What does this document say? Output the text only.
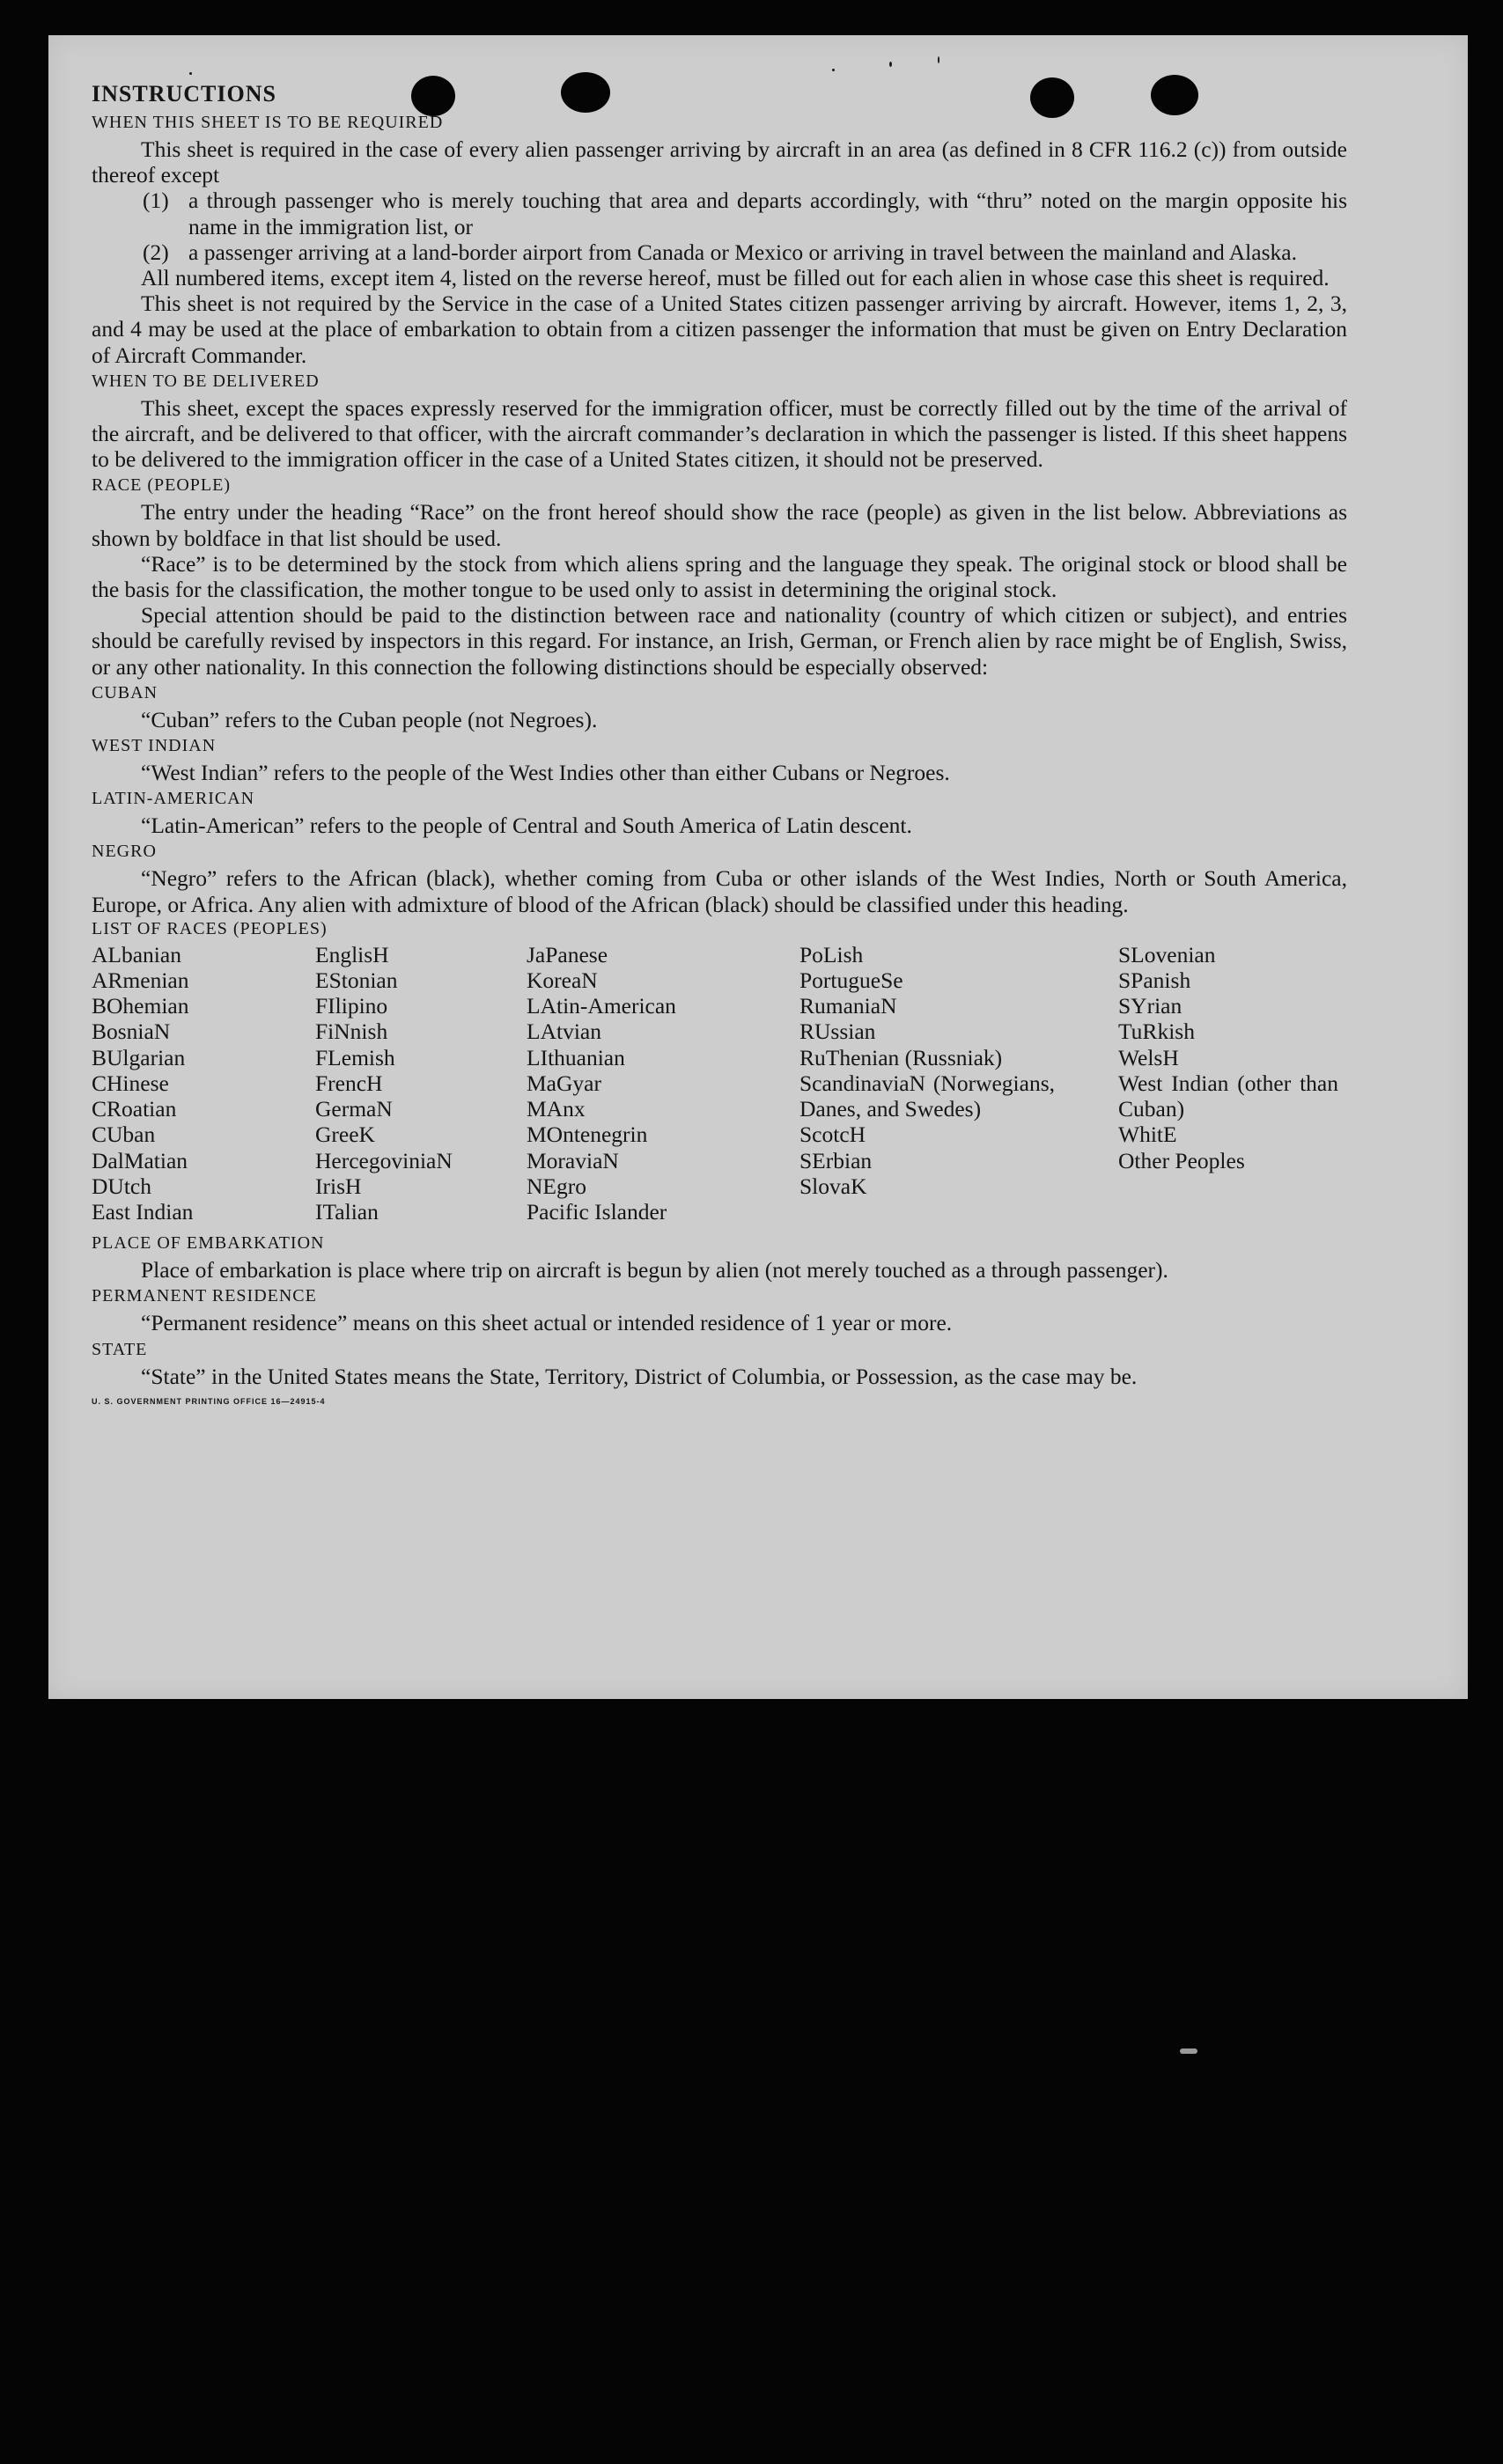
INSTRUCTIONS

WHEN THIS SHEET IS TO BE REQUIRED

This sheet is required in the case of every alien passenger arriving by aircraft in an area (as defined in 8 CFR 116.2 (c)) from outside thereof except

(1) a through passenger who is merely touching that area and departs accordingly, with “thru” noted on the margin opposite his name in the immigration list, or
(2) a passenger arriving at a land-border airport from Canada or Mexico or arriving in travel between the mainland and Alaska.

All numbered items, except item 4, listed on the reverse hereof, must be filled out for each alien in whose case this sheet is required.

This sheet is not required by the Service in the case of a United States citizen passenger arriving by aircraft. However, items 1, 2, 3, and 4 may be used at the place of embarkation to obtain from a citizen passenger the information that must be given on Entry Declaration of Aircraft Commander.

WHEN TO BE DELIVERED

This sheet, except the spaces expressly reserved for the immigration officer, must be correctly filled out by the time of the arrival of the aircraft, and be delivered to that officer, with the aircraft commander’s declaration in which the passenger is listed. If this sheet happens to be delivered to the immigration officer in the case of a United States citizen, it should not be preserved.

RACE (PEOPLE)

The entry under the heading “Race” on the front hereof should show the race (people) as given in the list below. Abbreviations as shown by boldface in that list should be used.

“Race” is to be determined by the stock from which aliens spring and the language they speak. The original stock or blood shall be the basis for the classification, the mother tongue to be used only to assist in determining the original stock.

Special attention should be paid to the distinction between race and nationality (country of which citizen or subject), and entries should be carefully revised by inspectors in this regard. For instance, an Irish, German, or French alien by race might be of English, Swiss, or any other nationality. In this connection the following distinctions should be especially observed:

CUBAN

“Cuban” refers to the Cuban people (not Negroes).

WEST INDIAN

“West Indian” refers to the people of the West Indies other than either Cubans or Negroes.

LATIN-AMERICAN

“Latin-American” refers to the people of Central and South America of Latin descent.

NEGRO

“Negro” refers to the African (black), whether coming from Cuba or other islands of the West Indies, North or South America, Europe, or Africa. Any alien with admixture of blood of the African (black) should be classified under this heading.

LIST OF RACES (PEOPLES)

ALbanian
ARmenian
BOhemian
BosniaN
BUlgarian
CHinese
CRoatian
CUban
DalMatian
DUtch
East Indian
EnglisH
EStonian
FIlipino
FiNnish
FLemish
FrencH
GermaN
GreeK
HercegoviniaN
IrisH
ITalian
JaPanese
KoreaN
LAtin-American
LAtvian
LIthuanian
MaGyar
MAnx
MOntenegrin
MoraviaN
NEgro
Pacific Islander
PoLish
PortugueSe
RumaniaN
RUssian
RuThenian (Russniak)
ScandinaviaN (Norwegians, Danes, and Swedes)
ScotcH
SErbian
SlovaK
SLovenian
SPanish
SYrian
TuRkish
WelsH
West Indian (other than Cuban)
WhitE
Other Peoples

PLACE OF EMBARKATION

Place of embarkation is place where trip on aircraft is begun by alien (not merely touched as a through passenger).

PERMANENT RESIDENCE

“Permanent residence” means on this sheet actual or intended residence of 1 year or more.

STATE

“State” in the United States means the State, Territory, District of Columbia, or Possession, as the case may be.

U. S. GOVERNMENT PRINTING OFFICE 16—24915-4
